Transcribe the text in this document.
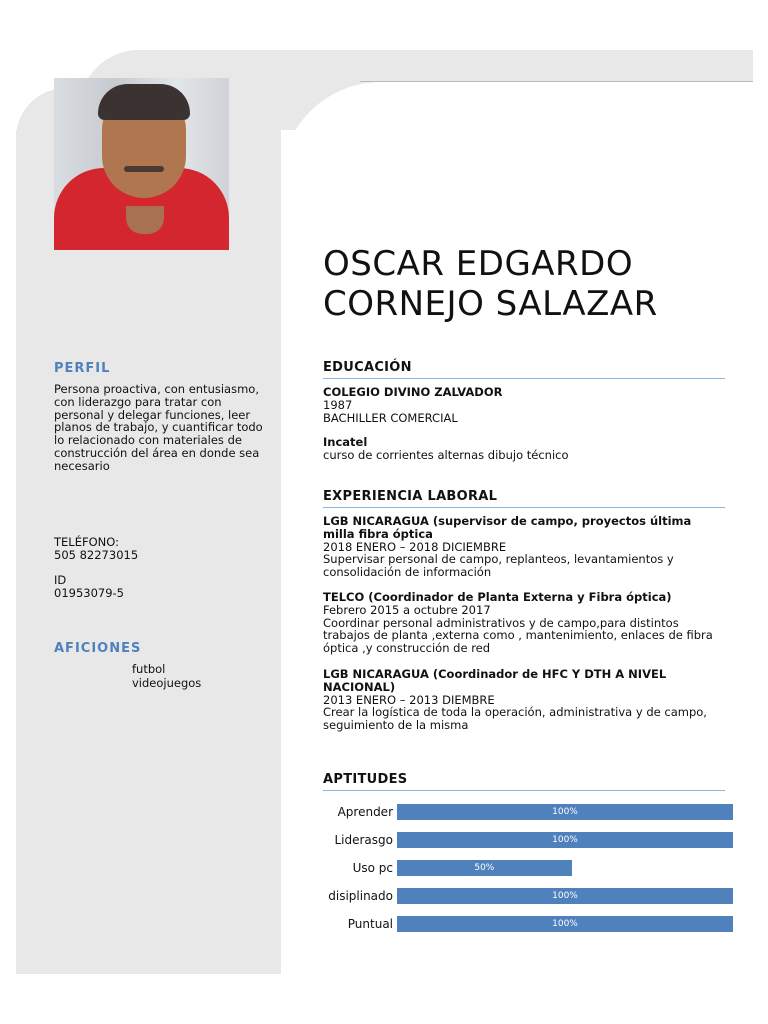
OSCAR EDGARDO
CORNEJO SALAZAR
PERFIL
Persona proactiva, con entusiasmo, con liderazgo para tratar con personal y delegar funciones, leer planos de trabajo, y cuantificar todo lo relacionado con materiales de construcción del área en donde sea necesario
TELÉFONO:
505 82273015
ID
01953079-5
AFICIONES
futbol
videojuegos
EDUCACIÓN
COLEGIO DIVINO ZALVADOR
1987
BACHILLER COMERCIAL
Incatel
curso de corrientes alternas dibujo técnico
EXPERIENCIA LABORAL
LGB NICARAGUA (supervisor de campo, proyectos última milla fibra óptica
2018 ENERO – 2018 DICIEMBRE
Supervisar personal de campo, replanteos, levantamientos y consolidación de información
TELCO (Coordinador de Planta Externa y Fibra óptica)
Febrero 2015 a octubre 2017
Coordinar personal administrativos y de campo,para distintos trabajos de planta ,externa como , mantenimiento, enlaces de fibra óptica ,y construcción de red
LGB NICARAGUA (Coordinador de HFC Y DTH A NIVEL NACIONAL)
2013 ENERO – 2013 DIEMBRE
Crear la logística de toda la operación, administrativa y de campo, seguimiento de la misma
APTITUDES
Aprender	100%
Liderasgo	100%
Uso pc	50%
disiplinado	100%
Puntual	100%
